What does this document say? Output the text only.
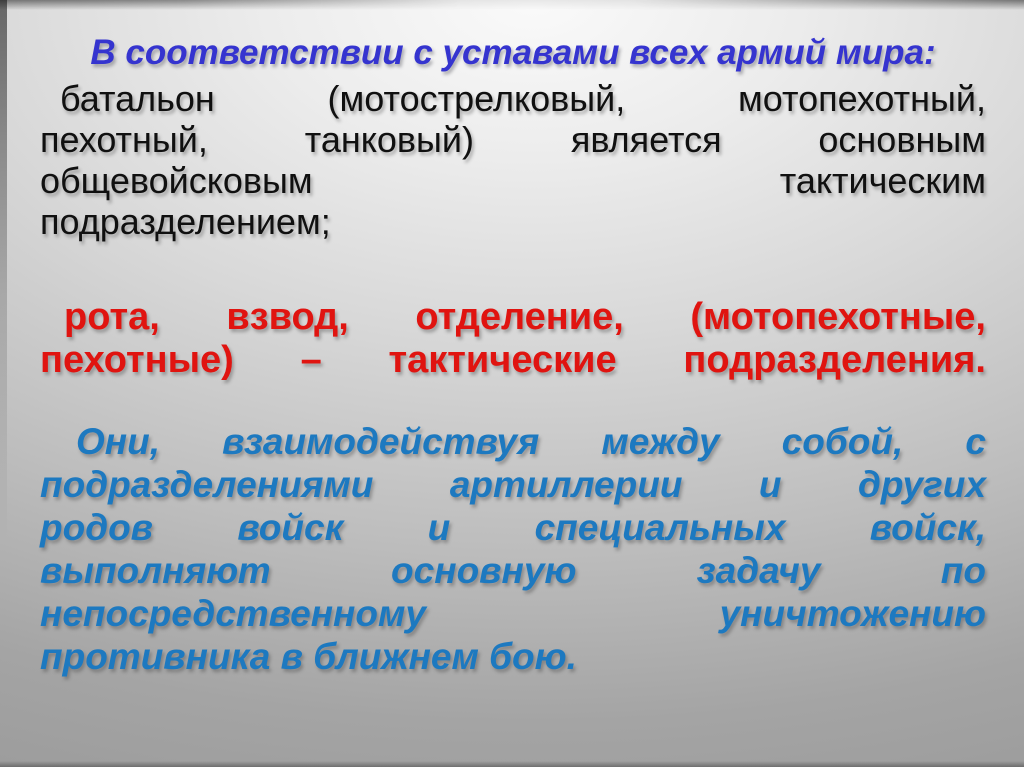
В соответствии с уставами всех армий мира:
батальон	(мотострелковый,	мотопехотный,
пехотный,	танковый)	является	основным
общевойсковым	тактическим
подразделением;
рота, взвод, отделение, (мотопехотные,
пехотные) – тактические подразделения.
Они, взаимодействуя между собой, с
подразделениями артиллерии и других
родов войск и специальных войск,
выполняют	основную	задачу	по
непосредственному	уничтожению
противника в ближнем бою.
